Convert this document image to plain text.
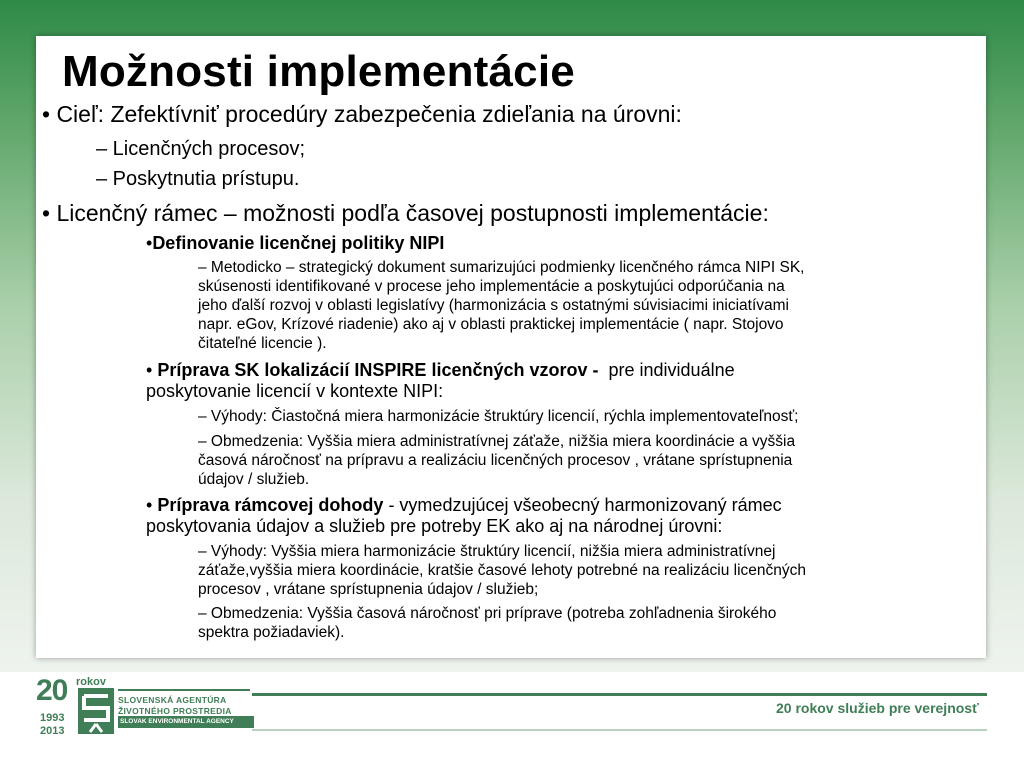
Možnosti implementácie
• Cieľ: Zefektívniť procedúry zabezpečenia zdieľania na úrovni:
– Licenčných procesov;
– Poskytnutia prístupu.
• Licenčný rámec – možnosti podľa časovej postupnosti implementácie:
•Definovanie licenčnej politiky NIPI
– Metodicko – strategický dokument sumarizujúci podmienky licenčného rámca NIPI SK,
skúsenosti identifikované v procese jeho implementácie a poskytujúci odporúčania na
jeho ďalší rozvoj v oblasti legislatívy (harmonizácia s ostatnými súvisiacimi iniciatívami
napr. eGov, Krízové riadenie) ako aj v oblasti praktickej implementácie ( napr. Stojovo
čitateľné licencie ).
• Príprava SK lokalizácií INSPIRE licenčných vzorov - pre individuálne
poskytovanie licencií v kontexte NIPI:
– Výhody: Čiastočná miera harmonizácie štruktúry licencií, rýchla implementovateľnosť;
– Obmedzenia: Vyššia miera administratívnej záťaže, nižšia miera koordinácie a vyššia
časová náročnosť na prípravu a realizáciu licenčných procesov , vrátane sprístupnenia
údajov / služieb.
• Príprava rámcovej dohody - vymedzujúcej všeobecný harmonizovaný rámec
poskytovania údajov a služieb pre potreby EK ako aj na národnej úrovni:
– Výhody: Vyššia miera harmonizácie štruktúry licencií, nižšia miera administratívnej
záťaže,vyššia miera koordinácie, kratšie časové lehoty potrebné na realizáciu licenčných
procesov , vrátane sprístupnenia údajov / služieb;
– Obmedzenia: Vyššia časová náročnosť pri príprave (potreba zohľadnenia širokého
spektra požiadaviek).
20 rokov
1993
2013
SLOVENSKÁ AGENTÚRA
ŽIVOTNÉHO PROSTREDIA
SLOVAK ENVIRONMENTAL AGENCY
20 rokov služieb pre verejnosť
